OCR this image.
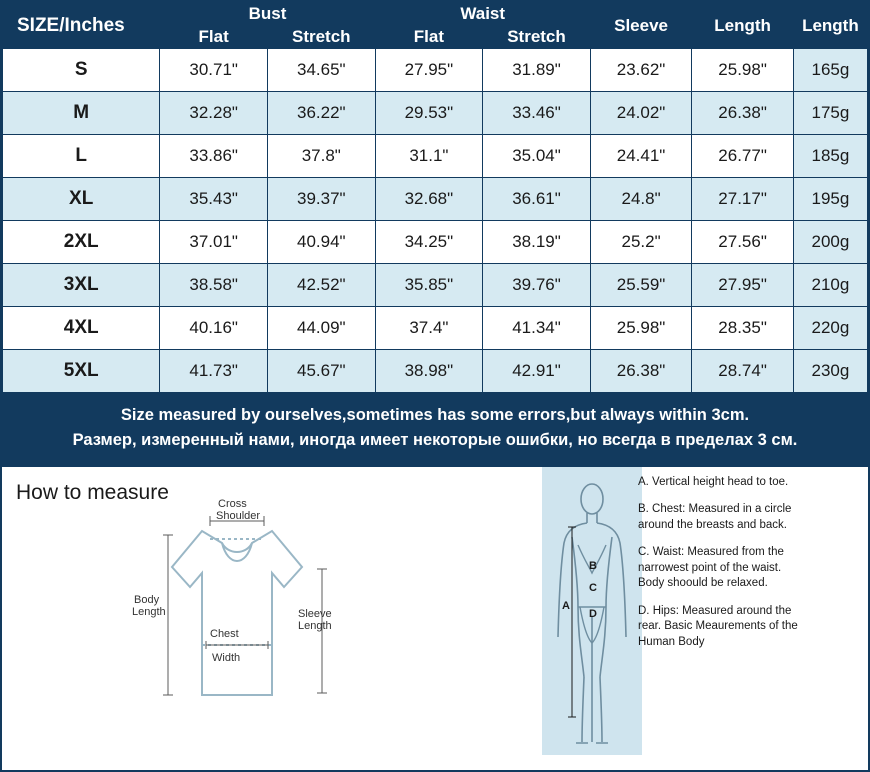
SIZE/Inches	Bust		Waist		Sleeve	Length	Length
	Flat	Stretch	Flat	Stretch			
S	30.71"	34.65"	27.95"	31.89"	23.62"	25.98"	165g
M	32.28"	36.22"	29.53"	33.46"	24.02"	26.38"	175g
L	33.86"	37.8"	31.1"	35.04"	24.41"	26.77"	185g
XL	35.43"	39.37"	32.68"	36.61"	24.8"	27.17"	195g
2XL	37.01"	40.94"	34.25"	38.19"	25.2"	27.56"	200g
3XL	38.58"	42.52"	35.85"	39.76"	25.59"	27.95"	210g
4XL	40.16"	44.09"	37.4"	41.34"	25.98"	28.35"	220g
5XL	41.73"	45.67"	38.98"	42.91"	26.38"	28.74"	230g
Size measured by ourselves,sometimes has some errors,but always within 3cm.
Размер, измеренный нами, иногда имеет некоторые ошибки, но всегда в пределах 3 см.
How to measure	Cross
Shoulder
Body
Length
Chest
Width
Sleeve
Length
B
C
D
A

A. Vertical height head to toe.

B. Chest: Measured in a circle around the breasts and back.

C. Waist: Measured from the narrowest point of the waist. Body shoould be relaxed.

D. Hips: Measured around the rear. Basic Meaurements of the Human Body
